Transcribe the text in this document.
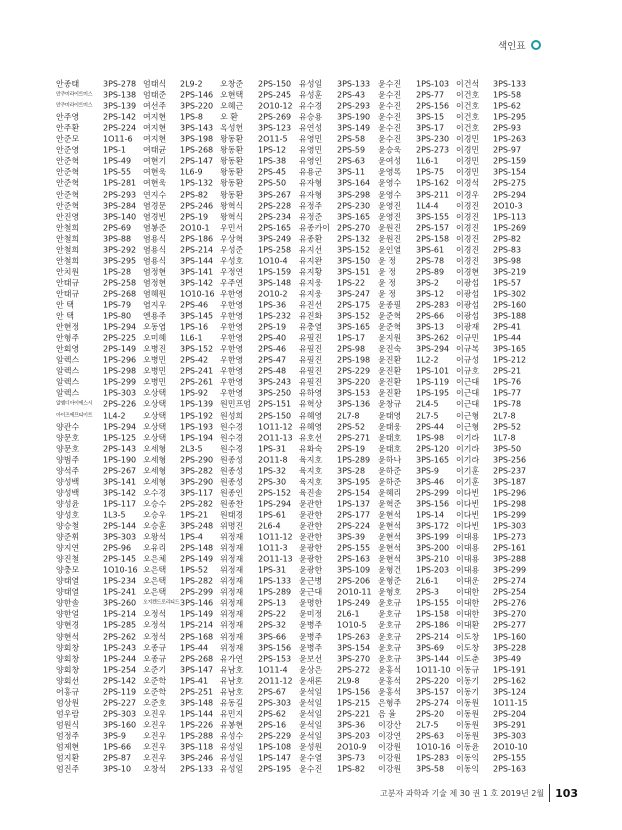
색인표
안종태	3PS-278 엄태식 2L9-2 오창준 2PS-150 유성일 3PS-133 윤수진 1PS-103 이건석 3PS-133
안주미라이트미스 3PS-138 엄태준 2PS-146 오현택 2PS-245 유성훈 2PS-43 윤수진 2PS-77 이건호 1PS-58
안주미라이트미스 3PS-139 여선주 3PS-220 오혜근 2O10-12 유수경 2PS-293 윤수진 2PS-156 이건호 1PS-62
안주영	2PS-142 여지현 1PS-8 오 환	2PS-269 유승용 3PS-190 윤수진 3PS-15 이건호 1PS-295
안주환	2PS-224 여지현 3PS-143 옥성헌 3PS-123 유연성 3PS-149 윤수진 3PS-17 이건호 2PS-93
안준모	1O11-6 여지현 3PS-198 왕동환 2O11-5 유영민 2PS-58 윤수진 3PS-230 이경민 1PS-263
안준영	1PS-1 여태균 1PS-268 왕동환 1PS-12 유영민 2PS-59 윤승욱 2PS-273 이경민 2PS-97
안준혁	1PS-49 여현기 2PS-147 왕동환 1PS-38 유영인 2PS-63 윤여성 1L6-1 이경민 2PS-159
안준혁	1PS-55 여현욱 1L6-9 왕동환 2PS-45 유용군 3PS-11 윤영록 1PS-75 이경민 3PS-154
안준혁	1PS-281 여현욱 1PS-132 왕동환 2PS-50 유자형 3PS-164 윤영수 1PS-162 이경석 2PS-275
안준혁	2PS-293 연지수 2PS-82 왕동환 3PS-267 유자형 3PS-298 윤영수 3PS-211 이경우 2PS-294
안준혁	3PS-284 염경문 2PS-246 왕혁식 2PS-228 유정주 2PS-230 윤영진 1L4-4 이경진 2O10-3
안진영	3PS-140 염경빈 2PS-19 왕혁식 2PS-234 유정준 3PS-165 윤영진 3PS-155 이경진 1PS-113
안철희	2PS-69 염봉준 2O10-1 우민서 2PS-165 유종카이 2PS-270 윤원진 2PS-157 이경진 1PS-269
안철희	3PS-88 염용식 2PS-186 우상혁 3PS-249 유종환 2PS-132 윤원진 2PS-158 이경진 2PS-82
안철희	3PS-292 염용식 2PS-214 우성준 1PS-258 유지선 3PS-152 윤인열 3PS-61 이경진 2PS-83
안철희	3PS-295 염용식 3PS-144 우성호 1O10-4 유지완 3PS-150 윤 정	2PS-78 이경진 3PS-98
안치원	1PS-28 염정현 3PS-141 우정연 1PS-159 유지황 3PS-151 윤 정	2PS-89 이경현 3PS-219
안태규	2PS-258 염정현 3PS-142 우주연 3PS-148 유지웅 1PS-22 윤 정	3PS-2 이광섭 1PS-57
안태규	2PS-268 염혜원 1O10-16 우한영 2O10-2 유지웅 3PS-247 윤 정	3PS-12 이광섭 1PS-302
안 택	1PS-79 엽지우 2PS-46 우한영 1PS-36 유진선 2PS-175 윤종필 2PS-283 이광섭 2PS-160
안 택	1PS-80 엔용주 3PS-145 우한영 1PS-232 유진화 3PS-152 윤준혁 2PS-66 이광섭 3PS-188
안현정	1PS-294 오동엽 1PS-16 우한영 2PS-19 유충열 3PS-165 윤준혁 3PS-13 이광재 2PS-41
안형주	2PS-225 오미혜 1L6-1 우한영 2PS-40 유필진 1PS-17 윤지원 3PS-262 이규민 1PS-44
안회영	2PS-149 오병진 3PS-152 우한영 2PS-46 유필진 2PS-98 윤진숙 3PS-294 이규복 3PS-165
알렉스	1PS-296 오병민 2PS-42 우한영 2PS-47 유필진 2PS-198 윤진환 1L2-2 이규성 1PS-212
알렉스	1PS-298 오병민 2PS-241 우한영 2PS-48 유필진 2PS-229 윤진환 1PS-101 이규호 2PS-21
알렉스	1PS-299 오병민 2PS-261 우한영 3PS-243 유필진 3PS-220 윤진환 1PS-119 이근대 1PS-76
알렉스	1PS-303 오상택 1PS-92 우한영 3PS-250 유하영 3PS-153 윤진환 1PS-195 이근대 1PS-77
알엠디아이에스시 2PS-226 오상택 1PS-139 원민프엄 2PS-151 유혁상 3PS-136 윤창규 2L4-5 이근대 1PS-78
아이즈에프티이트 1L4-2 오상택 1PS-192 원성희 2PS-150 유혜영 2L7-8 윤태영 2L7-5 이근형 2L7-8
양관수	1PS-294 오상택 1PS-193 원수경 1O11-12 유혜영 2PS-52 윤태웅 2PS-44 이근형 2PS-52
양문호	1PS-125 오상택 1PS-194 원수경 2O11-13 유호선 2PS-271 윤태호 1PS-98 이기라 1L7-8
양문호	2PS-143 오세형 2L3-5 원수경 1PS-31 유화숙 2PS-19 윤태호 2PS-120 이기라 3PS-50
양범주	1PS-190 오세형 2PS-290 원종성 2O11-8 육지호 1PS-289 윤하나 3PS-165 이기라 3PS-256
양석주	2PS-267 오세형 3PS-282 원종성 1PS-32 육지호 3PS-28 윤하준 3PS-9 이기훈 2PS-237
양성백	3PS-141 오세형 3PS-290 원종성 2PS-30 육지호 3PS-195 윤하준 3PS-46 이기훈 3PS-187
양성백	3PS-142 오수경 3PS-117 원종인 2PS-152 육진솔 2PS-154 윤혜리 2PS-299 이다빈 1PS-296
양성윤	1PS-117 오승수 2PS-282 원종찬 1PS-294 윤관한 1PS-137 윤혁준 3PS-156 이다빈 1PS-298
양성호	1L3-5 오승우 1PS-21 원태경 1PS-61 윤관한 2PS-177 윤현석 1PS-14 이다빈 1PS-299
양승철	2PS-144 오승훈 3PS-248 위명진 2L6-4 윤관한 2PS-224 윤현석 3PS-172 이다빈 1PS-303
양준휘	3PS-303 오왕석 1PS-4 위정재 1O11-12 윤관한 3PS-39 윤현석 3PS-199 이대용 1PS-273
양지연	2PS-96 오유리 2PS-148 위정재 1O11-3 윤광한 2PS-155 윤현석 3PS-200 이대용 2PS-161
양진철	2PS-145 오은체 2PS-149 위정재 2O11-13 윤광한 2PS-163 윤현석 3PS-210 이대용 3PS-288
양충모	1O10-16 오은택 1PS-52 위정재 1PS-31 윤광한 3PS-109 윤형건 1PS-203 이대용 3PS-299
양태열	1PS-234 오은택 1PS-282 위정재 1PS-133 윤근병 2PS-206 윤형준 2L6-1 이대운 2PS-274
양태열	1PS-241 오은택 2PS-299 위정재 1PS-289 윤근대 2O10-11 윤형호 2PS-3 이대한 2PS-254
양한솔	3PS-260 오지켄드로리티드 3PS-146 위정재 2PS-13 윤명한 1PS-249 윤호규 1PS-155 이대한 2PS-276
양한얼	1PS-214 오정석 1PS-149 위정재 2PS-22 윤미정 2L6-1 윤호규 1PS-158 이대한 3PS-270
양현경	1PS-285 오정석 1PS-214 위정재 2PS-32 윤병주 1O10-5 윤호규 2PS-186 이대환 2PS-277
양현석	2PS-262 오정석 2PS-168 위정재 3PS-66 윤병주 1PS-263 윤호규 2PS-214 이도창 1PS-160
양회창	1PS-243 오종규 1PS-44 위정재 3PS-156 윤병주 3PS-154 윤호규 3PS-69 이도창 3PS-228
양회창	1PS-244 오종규 2PS-268 유가연 2PS-153 윤보선 3PS-270 윤호규 3PS-144 이도춘 3PS-49
양회창	1PS-254 오준기 3PS-147 유남호 1O11-4 윤상은 2PS-272 윤홍석 1O11-10 이동규 1PS-191
양회선	2PS-142 오준학 1PS-41 유남호 2O11-12 윤새론 2L9-8 윤홍석 2PS-220 이동기 2PS-162
어홍규	2PS-119 오준학 2PS-251 유남호 2PS-67 윤석일 1PS-156 윤홍석 3PS-157 이동기 3PS-124
엄상원	2PS-227 오준호 3PS-148 유동길 2PS-303 윤석일 1PS-215 은형주 2PS-274 이동원 1O11-15
엄우람	2PS-303 오진우 1PS-144 유민지 2PS-62 윤석일 2PS-221 음 율	2PS-20 이동원 2PS-204
엄원식	3PS-160 오진우 1PS-226 유봉현 2PS-16 윤석일 3PS-36 이강산 2L7-5 이동원 3PS-291
엄정주	3PS-9 오진우 1PS-288 유성수 2PS-229 윤석일 3PS-203 이강연 2PS-63 이동원 3PS-303
엄제현	1PS-66 오진우 3PS-118 유성일 1PS-108 윤성원 2O10-9 이강원 1O10-16 이동윤 2O10-10
엄지환	2PS-87 오진우 3PS-246 유성일 1PS-147 윤수열 3PS-73 이강원 1PS-283 이동익 2PS-155
엄진주	3PS-10 오창석 2PS-133 유성일 2PS-195 윤수진 1PS-82 이강원 3PS-58 이동익 2PS-163
고분자 과학과 기술 제 30 권 1 호 2019년 2월 103
